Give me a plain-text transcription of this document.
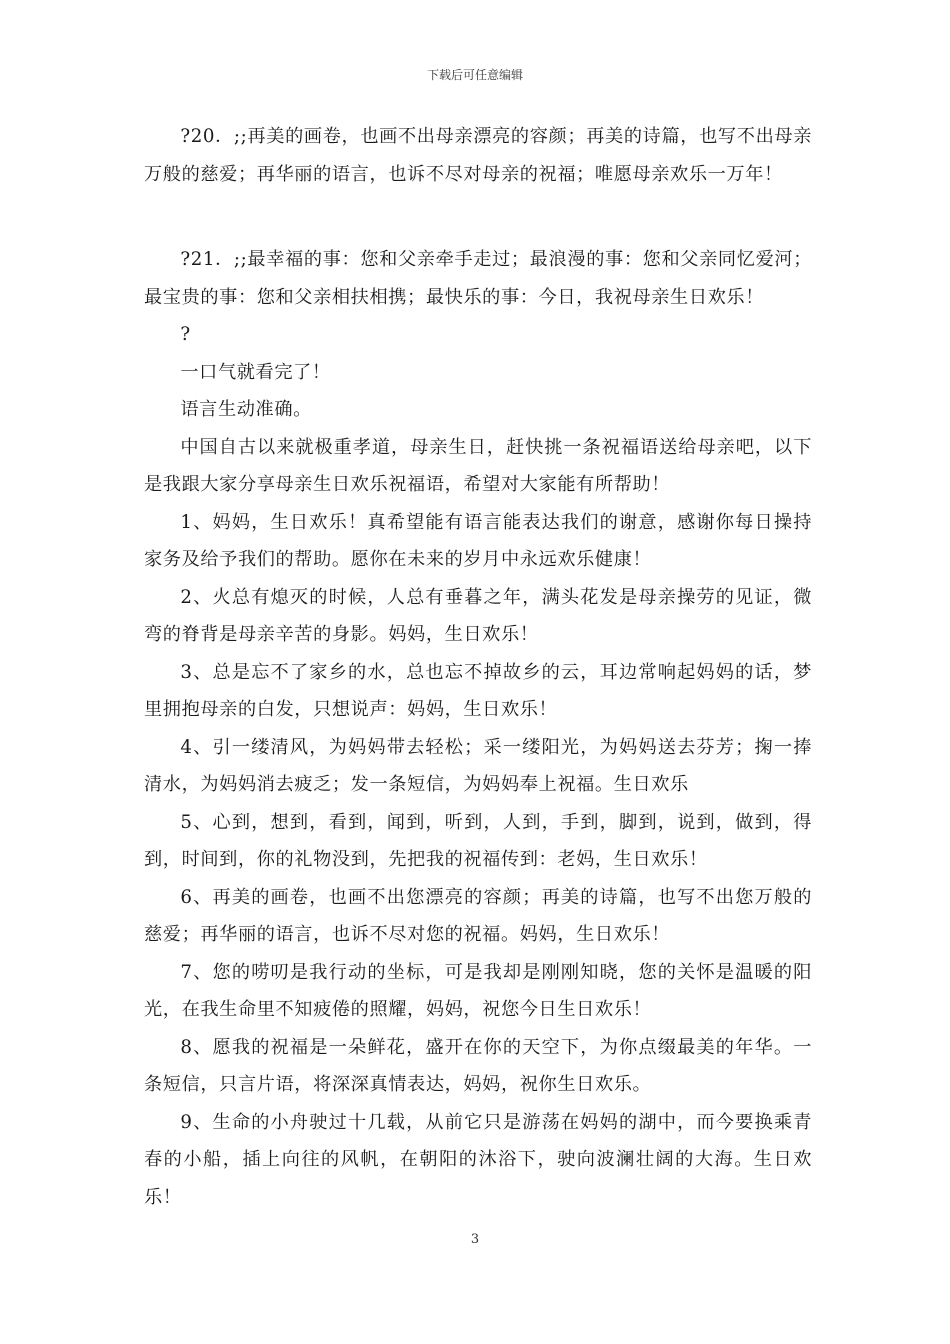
下载后可任意编辑

?20．;;再美的画卷，也画不出母亲漂亮的容颜；再美的诗篇，也写不出母亲万般的慈爱；再华丽的语言，也诉不尽对母亲的祝福；唯愿母亲欢乐一万年！

?21．;;最幸福的事：您和父亲牵手走过；最浪漫的事：您和父亲同忆爱河；最宝贵的事：您和父亲相扶相携；最快乐的事：今日，我祝母亲生日欢乐！

?

一口气就看完了！

语言生动准确。

中国自古以来就极重孝道，母亲生日，赶快挑一条祝福语送给母亲吧，以下是我跟大家分享母亲生日欢乐祝福语，希望对大家能有所帮助！

1、妈妈，生日欢乐！真希望能有语言能表达我们的谢意，感谢你每日操持家务及给予我们的帮助。愿你在未来的岁月中永远欢乐健康！

2、火总有熄灭的时候，人总有垂暮之年，满头花发是母亲操劳的见证，微弯的脊背是母亲辛苦的身影。妈妈，生日欢乐！

3、总是忘不了家乡的水，总也忘不掉故乡的云，耳边常响起妈妈的话，梦里拥抱母亲的白发，只想说声：妈妈，生日欢乐！

4、引一缕清风，为妈妈带去轻松；采一缕阳光，为妈妈送去芬芳；掬一捧清水，为妈妈消去疲乏；发一条短信，为妈妈奉上祝福。生日欢乐

5、心到，想到，看到，闻到，听到，人到，手到，脚到，说到，做到，得到，时间到，你的礼物没到，先把我的祝福传到：老妈，生日欢乐！

6、再美的画卷，也画不出您漂亮的容颜；再美的诗篇，也写不出您万般的慈爱；再华丽的语言，也诉不尽对您的祝福。妈妈，生日欢乐！

7、您的唠叨是我行动的坐标，可是我却是刚刚知晓，您的关怀是温暖的阳光，在我生命里不知疲倦的照耀，妈妈，祝您今日生日欢乐！

8、愿我的祝福是一朵鲜花，盛开在你的天空下，为你点缀最美的年华。一条短信，只言片语，将深深真情表达，妈妈，祝你生日欢乐。

9、生命的小舟驶过十几载，从前它只是游荡在妈妈的湖中，而今要换乘青春的小船，插上向往的风帆，在朝阳的沐浴下，驶向波澜壮阔的大海。生日欢乐！

3
